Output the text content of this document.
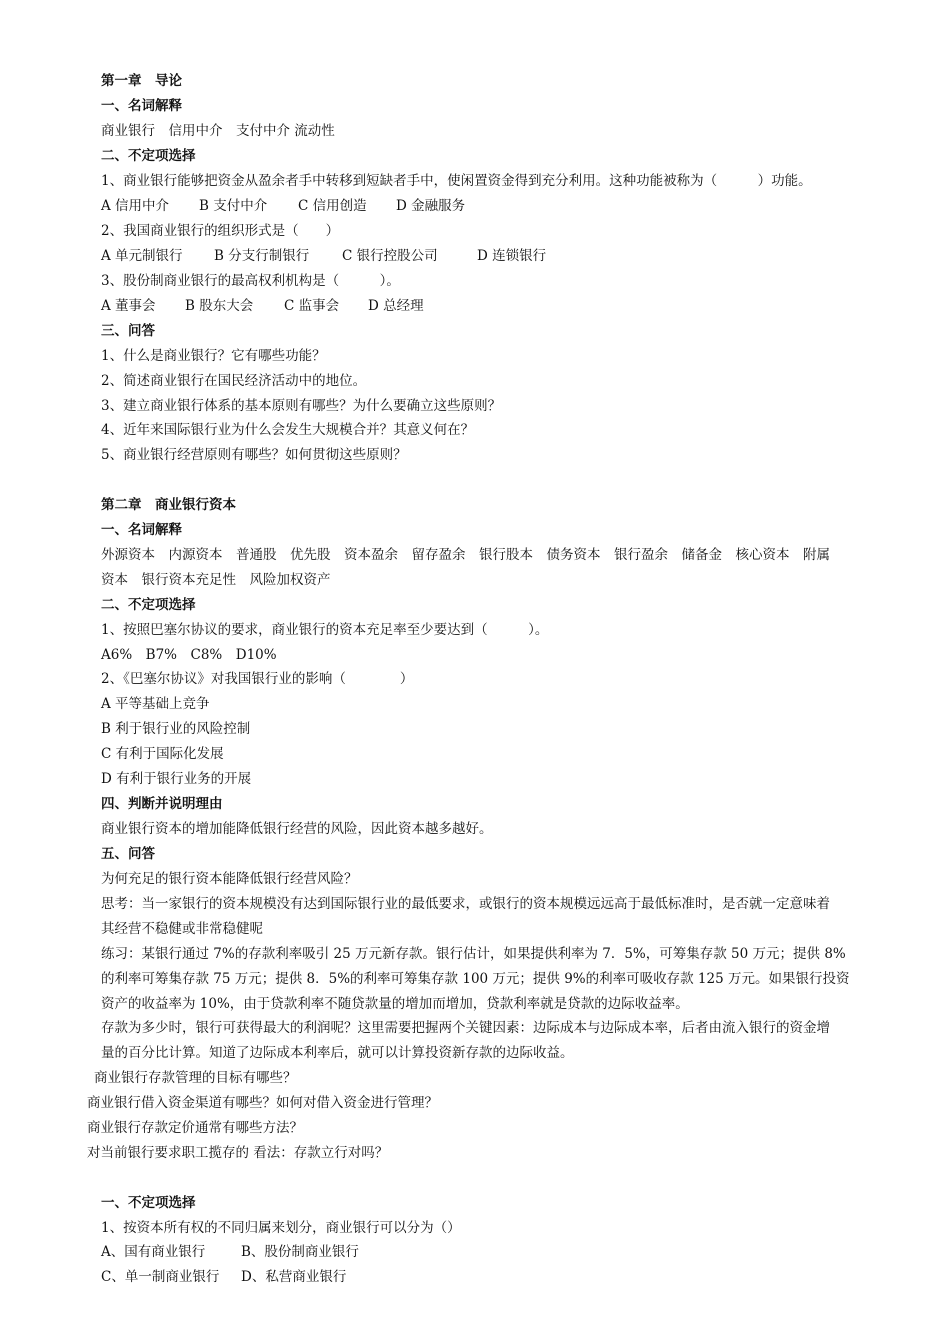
第一章　导论
一、名词解释
商业银行　信用中介　支付中介 流动性
二、不定项选择
1、商业银行能够把资金从盈余者手中转移到短缺者手中，使闲置资金得到充分利用。这种功能被称为（　　　）功能。
A 信用中介 B 支付中介 C 信用创造 D 金融服务
2、我国商业银行的组织形式是（　　）
A 单元制银行 B 分支行制银行 C 银行控股公司	D 连锁银行
3、股份制商业银行的最高权利机构是（　　　）。
A 董事会 B 股东大会 C 监事会 D 总经理
三、问答
1、什么是商业银行？它有哪些功能？
2、简述商业银行在国民经济活动中的地位。
3、建立商业银行体系的基本原则有哪些？为什么要确立这些原则？
4、近年来国际银行业为什么会发生大规模合并？其意义何在？
5、商业银行经营原则有哪些？如何贯彻这些原则？
第二章　商业银行资本
一、名词解释
外源资本　内源资本　普通股　优先股　资本盈余　留存盈余　银行股本　债务资本　银行盈余　储备金　核心资本　附属
资本　银行资本充足性　风险加权资产
二、不定项选择
1、按照巴塞尔协议的要求，商业银行的资本充足率至少要达到（　　　）。
A6%　B7%　C8%　D10%
2、《巴塞尔协议》对我国银行业的影响（　　　　）
A 平等基础上竞争
B 利于银行业的风险控制
C 有利于国际化发展
D 有利于银行业务的开展
四、判断并说明理由
商业银行资本的增加能降低银行经营的风险，因此资本越多越好。
五、问答
为何充足的银行资本能降低银行经营风险？
思考：当一家银行的资本规模没有达到国际银行业的最低要求，或银行的资本规模远远高于最低标准时，是否就一定意味着
其经营不稳健或非常稳健呢
练习：某银行通过 7%的存款利率吸引 25 万元新存款。银行估计，如果提供利率为 7．5%，可筹集存款 50 万元；提供 8%
的利率可筹集存款 75 万元；提供 8．5%的利率可筹集存款 100 万元；提供 9%的利率可吸收存款 125 万元。如果银行投资
资产的收益率为 10%，由于贷款利率不随贷款量的增加而增加，贷款利率就是贷款的边际收益率。
存款为多少时，银行可获得最大的利润呢？这里需要把握两个关键因素：边际成本与边际成本率，后者由流入银行的资金增
量的百分比计算。知道了边际成本利率后，就可以计算投资新存款的边际收益。
商业银行存款管理的目标有哪些？
商业银行借入资金渠道有哪些？如何对借入资金进行管理？
商业银行存款定价通常有哪些方法？
对当前银行要求职工揽存的 看法：存款立行对吗？
一、不定项选择
1、按资本所有权的不同归属来划分，商业银行可以分为（）
A、国有商业银行	B、股份制商业银行
C、单一制商业银行 D、私营商业银行
